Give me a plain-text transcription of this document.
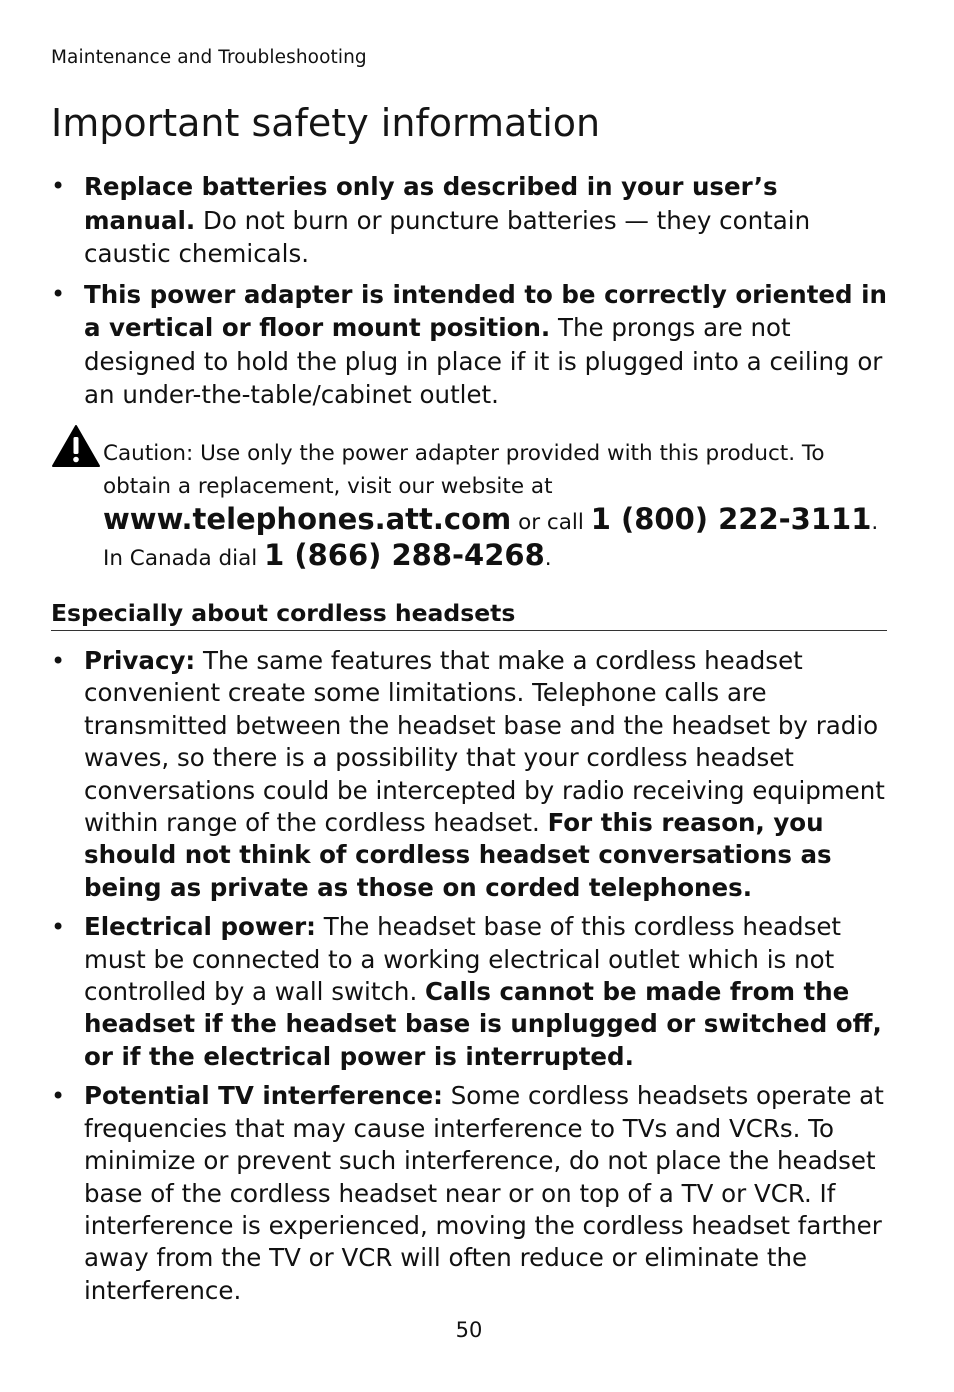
Maintenance and Troubleshooting
Important safety information
• Replace batteries only as described in your user’s manual. Do not burn or puncture batteries — they contain caustic chemicals.
• This power adapter is intended to be correctly oriented in a vertical or floor mount position. The prongs are not designed to hold the plug in place if it is plugged into a ceiling or an under-the-table/cabinet outlet.
Caution: Use only the power adapter provided with this product. To obtain a replacement, visit our website at
www.telephones.att.com or call 1 (800) 222-3111.
In Canada dial 1 (866) 288-4268.
Especially about cordless headsets
• Privacy: The same features that make a cordless headset convenient create some limitations. Telephone calls are transmitted between the headset base and the headset by radio waves, so there is a possibility that your cordless headset conversations could be intercepted by radio receiving equipment within range of the cordless headset. For this reason, you should not think of cordless headset conversations as being as private as those on corded telephones.
• Electrical power: The headset base of this cordless headset must be connected to a working electrical outlet which is not controlled by a wall switch. Calls cannot be made from the headset if the headset base is unplugged or switched off, or if the electrical power is interrupted.
• Potential TV interference: Some cordless headsets operate at frequencies that may cause interference to TVs and VCRs. To minimize or prevent such interference, do not place the headset base of the cordless headset near or on top of a TV or VCR. If interference is experienced, moving the cordless headset farther away from the TV or VCR will often reduce or eliminate the interference.
50
